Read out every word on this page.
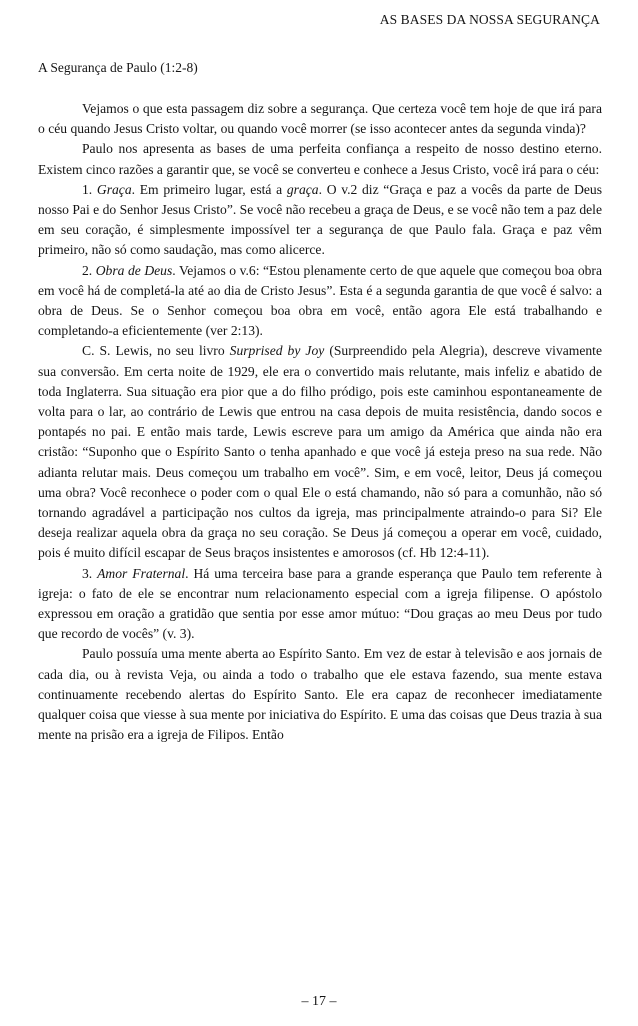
AS BASES DA NOSSA SEGURANÇA
A Segurança de Paulo (1:2-8)

Vejamos o que esta passagem diz sobre a segurança. Que certeza você tem hoje de que irá para o céu quando Jesus Cristo voltar, ou quando você morrer (se isso acontecer antes da segunda vinda)?

Paulo nos apresenta as bases de uma perfeita confiança a respeito de nosso destino eterno. Existem cinco razões a garantir que, se você se converteu e conhece a Jesus Cristo, você irá para o céu:

1. Graça. Em primeiro lugar, está a graça. O v.2 diz “Graça e paz a vocês da parte de Deus nosso Pai e do Senhor Jesus Cristo”. Se você não recebeu a graça de Deus, e se você não tem a paz dele em seu coração, é simplesmente impossível ter a segurança de que Paulo fala. Graça e paz vêm primeiro, não só como saudação, mas como alicerce.

2. Obra de Deus. Vejamos o v.6: “Estou plenamente certo de que aquele que começou boa obra em você há de completá-la até ao dia de Cristo Jesus”. Esta é a segunda garantia de que você é salvo: a obra de Deus. Se o Senhor começou boa obra em você, então agora Ele está trabalhando e completando-a eficientemente (ver 2:13).

C. S. Lewis, no seu livro Surprised by Joy (Surpreendido pela Alegria), descreve vivamente sua conversão. Em certa noite de 1929, ele era o convertido mais relutante, mais infeliz e abatido de toda Inglaterra. Sua situação era pior que a do filho pródigo, pois este caminhou espontaneamente de volta para o lar, ao contrário de Lewis que entrou na casa depois de muita resistência, dando socos e pontapés no pai. E então mais tarde, Lewis escreve para um amigo da América que ainda não era cristão: “Suponho que o Espírito Santo o tenha apanhado e que você já esteja preso na sua rede. Não adianta relutar mais. Deus começou um trabalho em você”. Sim, e em você, leitor, Deus já começou uma obra? Você reconhece o poder com o qual Ele o está chamando, não só para a comunhão, não só tornando agradável a participação nos cultos da igreja, mas principalmente atraindo-o para Si? Ele deseja realizar aquela obra da graça no seu coração. Se Deus já começou a operar em você, cuidado, pois é muito difícil escapar de Seus braços insistentes e amorosos (cf. Hb 12:4-11).

3. Amor Fraternal. Há uma terceira base para a grande esperança que Paulo tem referente à igreja: o fato de ele se encontrar num relacionamento especial com a igreja filipense. O apóstolo expressou em oração a gratidão que sentia por esse amor mútuo: “Dou graças ao meu Deus por tudo que recordo de vocês” (v. 3).

Paulo possuía uma mente aberta ao Espírito Santo. Em vez de estar à televisão e aos jornais de cada dia, ou à revista Veja, ou ainda a todo o trabalho que ele estava fazendo, sua mente estava continuamente recebendo alertas do Espírito Santo. Ele era capaz de reconhecer imediatamente qualquer coisa que viesse à sua mente por iniciativa do Espírito. E uma das coisas que Deus trazia à sua mente na prisão era a igreja de Filipos. Então

– 17 –
